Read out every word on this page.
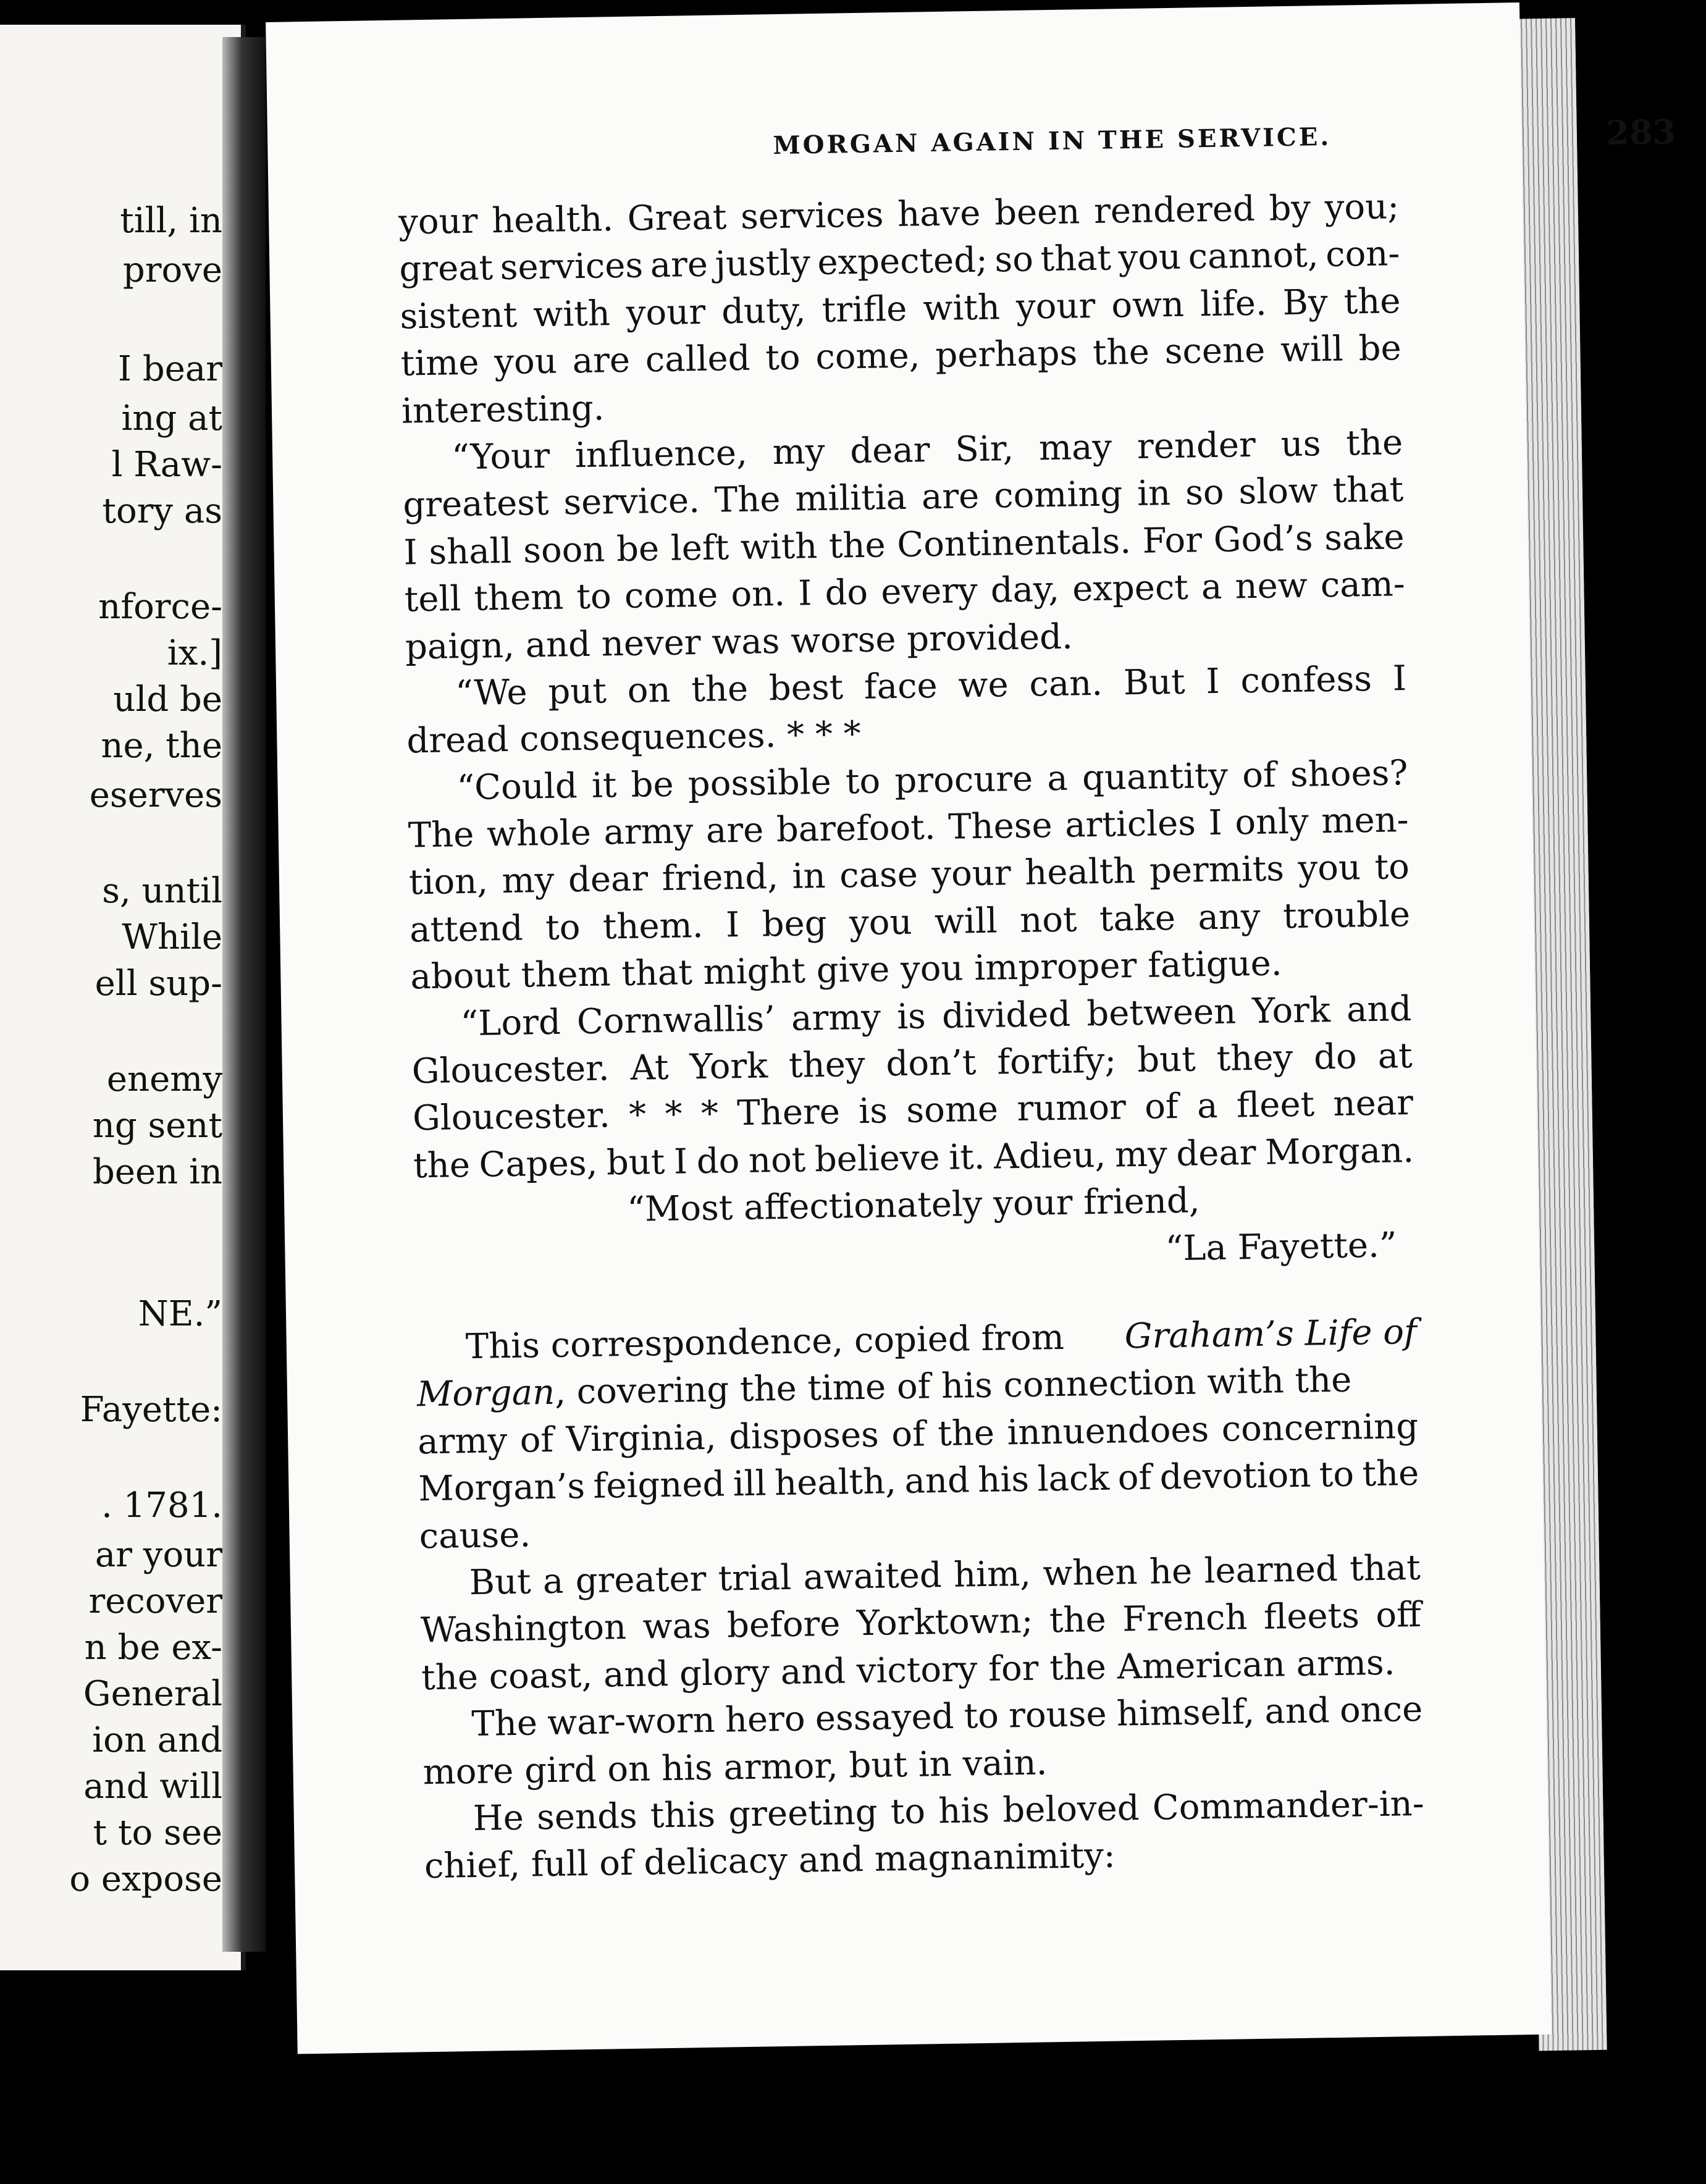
till, in
prove
I bear
ing at
l Raw-
tory as
nforce-
ix.]
uld be
ne, the
eserves
s, until
While
ell sup-
enemy
ng sent
been in
NE.”
Fayette:
. 1781.
ar your
recover
n be ex-
General
ion and
and will
t to see
o expose
MORGAN AGAIN IN THE SERVICE.	283
your health. Great services have been rendered by you;
great services are justly expected; so that you cannot, con-
sistent with your duty, trifle with your own life. By the
time you are called to come, perhaps the scene will be
interesting.
“Your influence, my dear Sir, may render us the
greatest service. The militia are coming in so slow that
I shall soon be left with the Continentals. For God’s sake
tell them to come on. I do every day, expect a new cam-
paign, and never was worse provided.
“We put on the best face we can. But I confess I
dread consequences. * * *
“Could it be possible to procure a quantity of shoes?
The whole army are barefoot. These articles I only men-
tion, my dear friend, in case your health permits you to
attend to them. I beg you will not take any trouble
about them that might give you improper fatigue.
“Lord Cornwallis’ army is divided between York and
Gloucester. At York they don’t fortify; but they do at
Gloucester. * * * There is some rumor of a fleet near
the Capes, but I do not believe it. Adieu, my dear Morgan.
“Most affectionately your friend,
“La Fayette.”
This correspondence, copied from Graham’s Life of
Morgan, covering the time of his connection with the
army of Virginia, disposes of the innuendoes concerning
Morgan’s feigned ill health, and his lack of devotion to the
cause.
But a greater trial awaited him, when he learned that
Washington was before Yorktown; the French fleets off
the coast, and glory and victory for the American arms.
The war-worn hero essayed to rouse himself, and once
more gird on his armor, but in vain.
He sends this greeting to his beloved Commander-in-
chief, full of delicacy and magnanimity:
